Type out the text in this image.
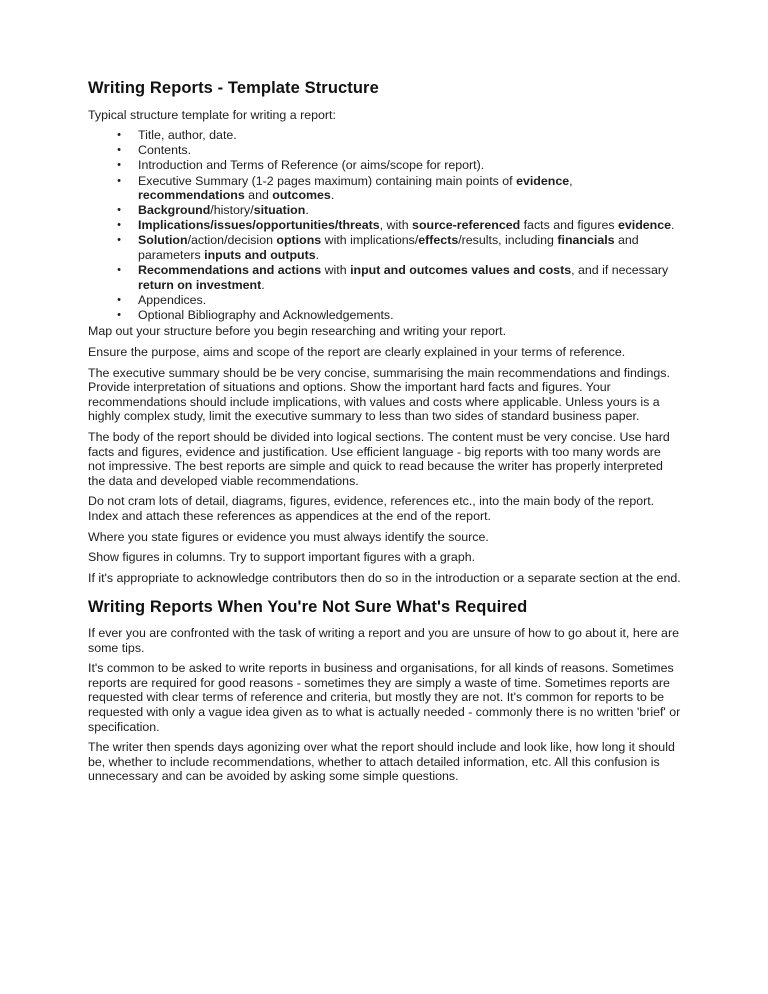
Writing Reports - Template Structure

Typical structure template for writing a report:

• Title, author, date.
• Contents.
• Introduction and Terms of Reference (or aims/scope for report).
• Executive Summary (1-2 pages maximum) containing main points of evidence, recommendations and outcomes.
• Background/history/situation.
• Implications/issues/opportunities/threats, with source-referenced facts and figures evidence.
• Solution/action/decision options with implications/effects/results, including financials and parameters inputs and outputs.
• Recommendations and actions with input and outcomes values and costs, and if necessary return on investment.
• Appendices.
• Optional Bibliography and Acknowledgements.

Map out your structure before you begin researching and writing your report.

Ensure the purpose, aims and scope of the report are clearly explained in your terms of reference.

The executive summary should be be very concise, summarising the main recommendations and findings. Provide interpretation of situations and options. Show the important hard facts and figures. Your recommendations should include implications, with values and costs where applicable. Unless yours is a highly complex study, limit the executive summary to less than two sides of standard business paper.

The body of the report should be divided into logical sections. The content must be very concise. Use hard facts and figures, evidence and justification. Use efficient language - big reports with too many words are not impressive. The best reports are simple and quick to read because the writer has properly interpreted the data and developed viable recommendations.

Do not cram lots of detail, diagrams, figures, evidence, references etc., into the main body of the report. Index and attach these references as appendices at the end of the report.

Where you state figures or evidence you must always identify the source.

Show figures in columns. Try to support important figures with a graph.

If it's appropriate to acknowledge contributors then do so in the introduction or a separate section at the end.

Writing Reports When You're Not Sure What's Required

If ever you are confronted with the task of writing a report and you are unsure of how to go about it, here are some tips.

It's common to be asked to write reports in business and organisations, for all kinds of reasons. Sometimes reports are required for good reasons - sometimes they are simply a waste of time. Sometimes reports are requested with clear terms of reference and criteria, but mostly they are not. It's common for reports to be requested with only a vague idea given as to what is actually needed - commonly there is no written 'brief' or specification.

The writer then spends days agonizing over what the report should include and look like, how long it should be, whether to include recommendations, whether to attach detailed information, etc. All this confusion is unnecessary and can be avoided by asking some simple questions.
